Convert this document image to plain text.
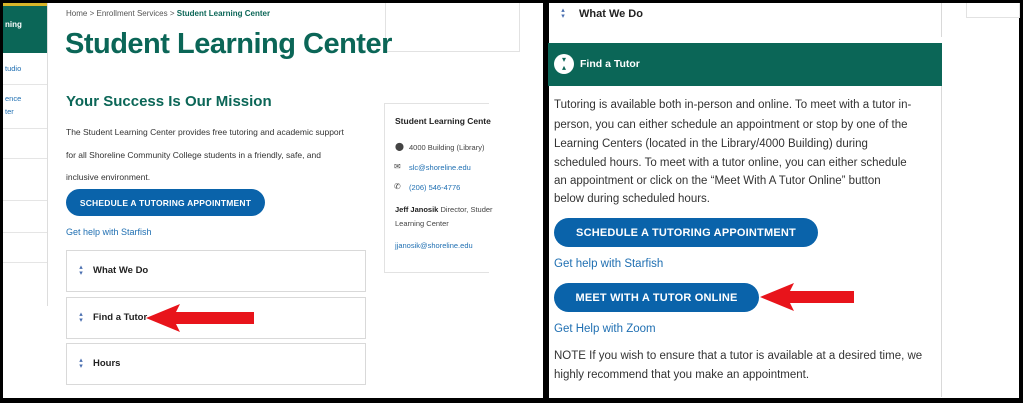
ning
tudio
ence
ter
Home > Enrollment Services > Student Learning Center
Student Learning Center
Your Success Is Our Mission
The Student Learning Center provides free tutoring and academic support
for all Shoreline Community College students in a friendly, safe, and
inclusive environment.
SCHEDULE A TUTORING APPOINTMENT
Get help with Starfish
▴
▾ What We Do
▴
▾ Find a Tutor
▴
▾ Hours
Student Learning Cente
⬤ 4000 Building (Library)
✉ slc@shoreline.edu
✆ (206) 546-4776
Jeff Janosik Director, Studer
Learning Center
jjanosik@shoreline.edu
▴
▾ What We Do
▾
▴	Find a Tutor
Tutoring is available both in-person and online. To meet with a tutor in-
person, you can either schedule an appointment or stop by one of the
Learning Centers (located in the Library/4000 Building) during
scheduled hours. To meet with a tutor online, you can either schedule
an appointment or click on the “Meet With A Tutor Online” button
below during scheduled hours.
SCHEDULE A TUTORING APPOINTMENT
Get help with Starfish
MEET WITH A TUTOR ONLINE
Get Help with Zoom
NOTE If you wish to ensure that a tutor is available at a desired time, we
highly recommend that you make an appointment.
